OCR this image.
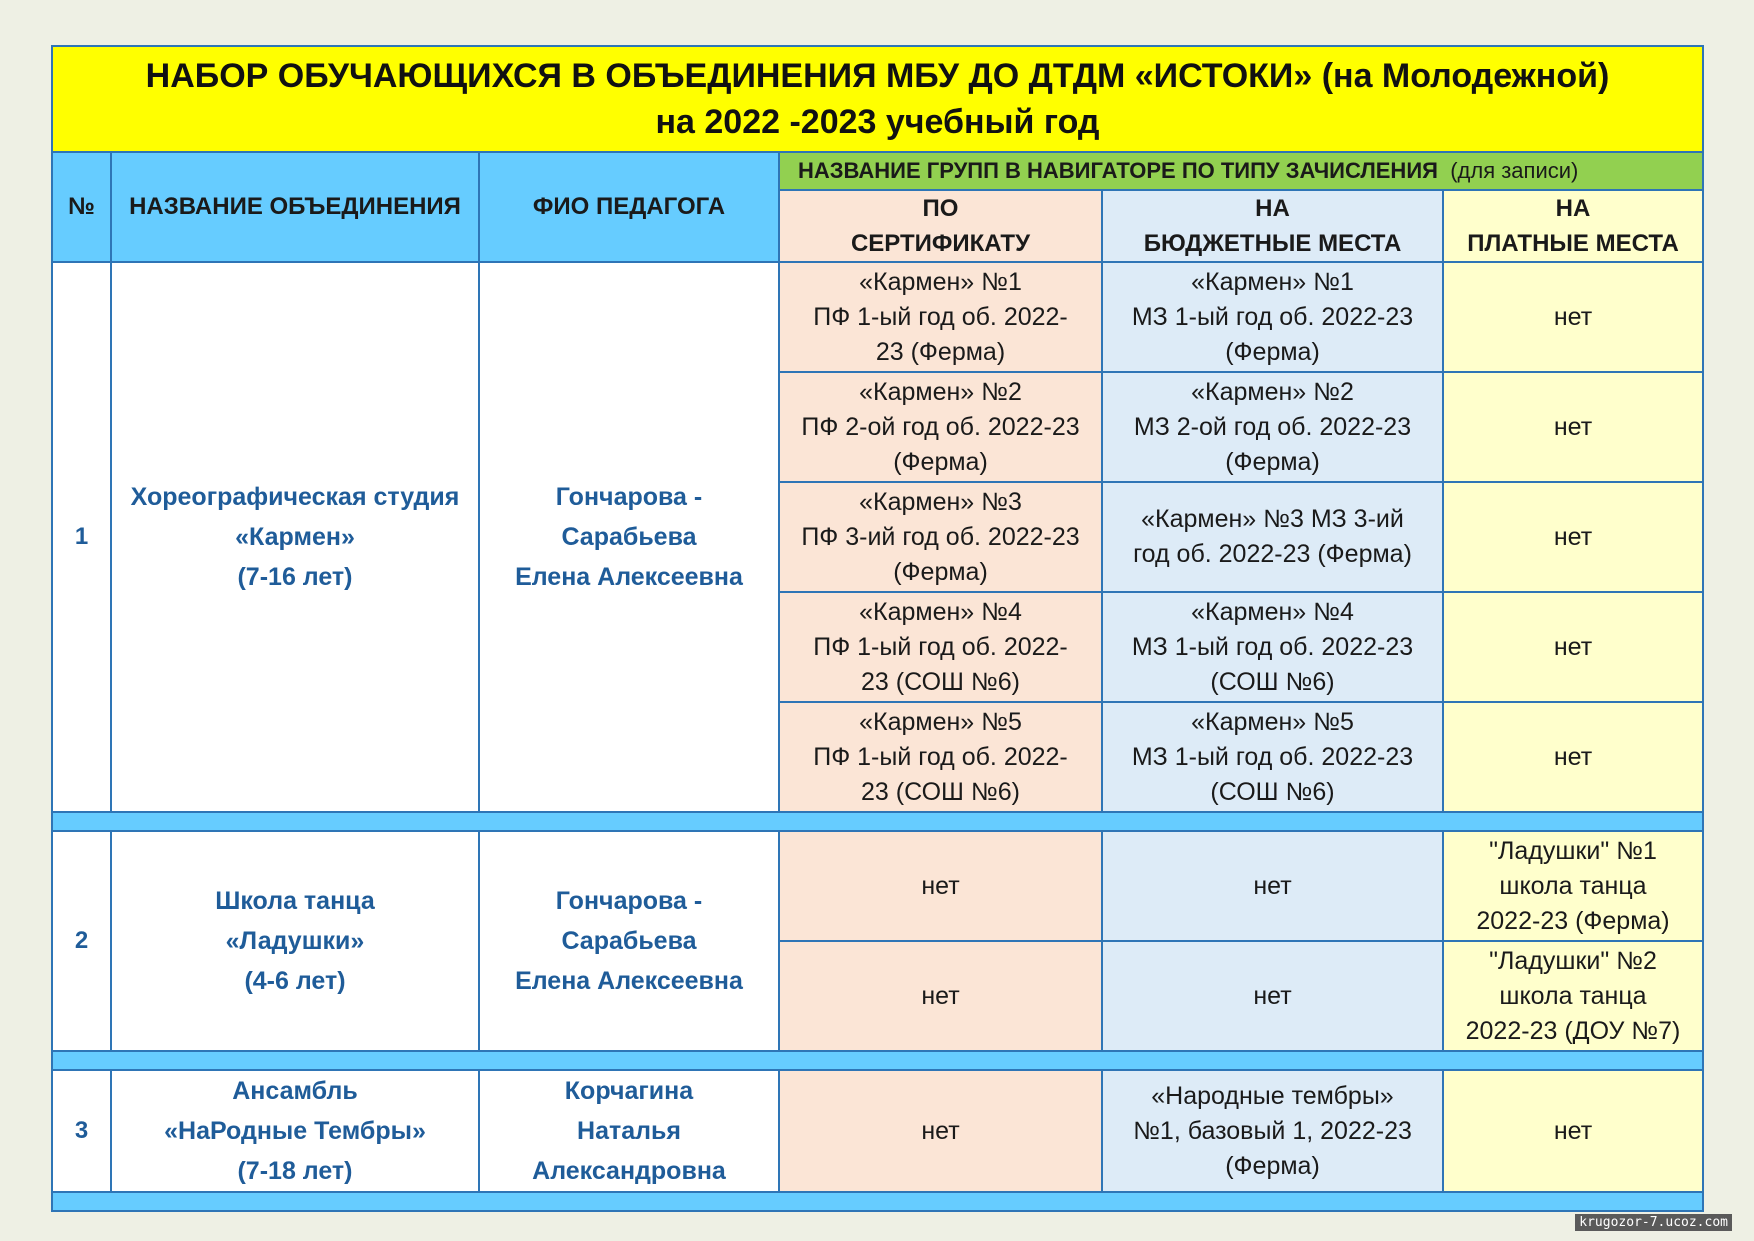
НАБОР ОБУЧАЮЩИХСЯ В ОБЪЕДИНЕНИЯ МБУ ДО ДТДМ «ИСТОКИ» (на Молодежной)
на 2022 -2023 учебный год					

№	НАЗВАНИЕ ОБЪЕДИНЕНИЯ	ФИО ПЕДАГОГА	НАЗВАНИЕ ГРУПП В НАВИГАТОРЕ ПО ТИПУ ЗАЧИСЛЕНИЯ (для записи)		

			ПО
СЕРТИФИКАТУ	НА
БЮДЖЕТНЫЕ МЕСТА	НА
ПЛАТНЫЕ МЕСТА

1	Хореографическая студия
«Кармен»
(7-16 лет)	Гончарова -
Сарабьева
Елена Алексеевна	«Кармен» №1
ПФ 1-ый год об. 2022-
23 (Ферма)	«Кармен» №1
МЗ 1-ый год об. 2022-23
(Ферма)	нет

			«Кармен» №2
ПФ 2-ой год об. 2022-23
(Ферма)	«Кармен» №2
МЗ 2-ой год об. 2022-23
(Ферма)	нет

			«Кармен» №3
ПФ 3-ий год об. 2022-23
(Ферма)	«Кармен» №3 МЗ 3-ий
год об. 2022-23 (Ферма)	нет

			«Кармен» №4
ПФ 1-ый год об. 2022-
23 (СОШ №6)	«Кармен» №4
МЗ 1-ый год об. 2022-23
(СОШ №6)	нет

			«Кармен» №5
ПФ 1-ый год об. 2022-
23 (СОШ №6)	«Кармен» №5
МЗ 1-ый год об. 2022-23
(СОШ №6)	нет

2	Школа танца
«Ладушки»
(4-6 лет)	Гончарова -
Сарабьева
Елена Алексеевна	нет	нет	"Ладушки" №1
школа танца
2022-23 (Ферма)

			нет	нет	"Ладушки" №2
школа танца
2022-23 (ДОУ №7)

3	Ансамбль
«НаРодные Тембры»
(7-18 лет)	Корчагина
Наталья
Александровна	нет	«Народные тембры»
№1, базовый 1, 2022-23
(Ферма)	нет

krugozor-7.ucoz.com
